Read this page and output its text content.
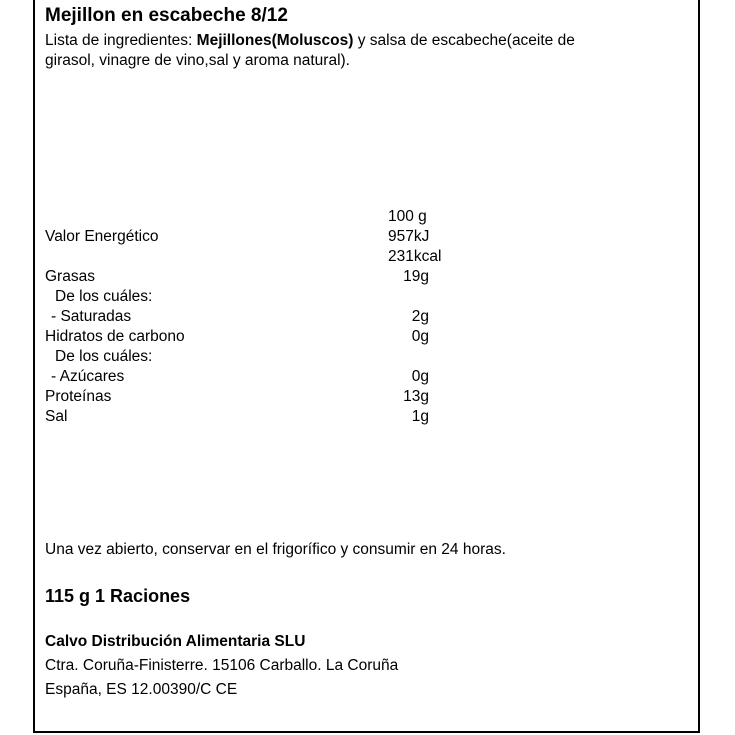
Mejillon en escabeche 8/12
Lista de ingredientes: Mejillones(Moluscos) y salsa de escabeche(aceite de
girasol, vinagre de vino,sal y aroma natural).
100 g
Valor Energético	957kJ
231kcal
Grasas	19g
De los cuáles:
- Saturadas	2g
Hidratos de carbono	0g
De los cuáles:
- Azúcares	0g
Proteínas	13g
Sal	1g
Una vez abierto, conservar en el frigorífico y consumir en 24 horas.
115 g 1 Raciones
Calvo Distribución Alimentaria SLU
Ctra. Coruña-Finisterre. 15106 Carballo. La Coruña
España, ES 12.00390/C CE
